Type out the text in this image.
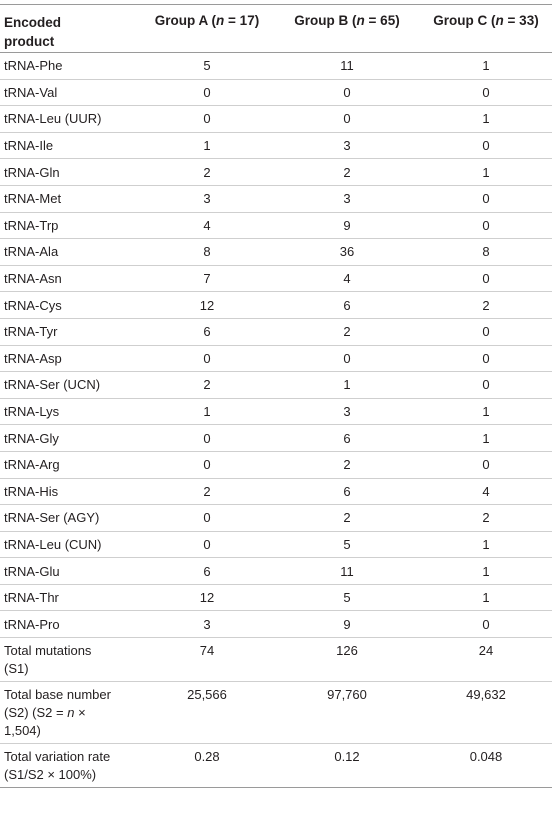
Encoded
product	Group A (n = 17)	Group B (n = 65)	Group C (n = 33)
tRNA-Phe	5	11	1
tRNA-Val	0	0	0
tRNA-Leu (UUR)	0	0	1
tRNA-Ile	1	3	0
tRNA-Gln	2	2	1
tRNA-Met	3	3	0
tRNA-Trp	4	9	0
tRNA-Ala	8	36	8
tRNA-Asn	7	4	0
tRNA-Cys	12	6	2
tRNA-Tyr	6	2	0
tRNA-Asp	0	0	0
tRNA-Ser (UCN)	2	1	0
tRNA-Lys	1	3	1
tRNA-Gly	0	6	1
tRNA-Arg	0	2	0
tRNA-His	2	6	4
tRNA-Ser (AGY)	0	2	2
tRNA-Leu (CUN)	0	5	1
tRNA-Glu	6	11	1
tRNA-Thr	12	5	1
tRNA-Pro	3	9	0
Total mutations
(S1)	74	126	24
Total base number
(S2) (S2 = n ×
1,504)	25,566	97,760	49,632
Total variation rate
(S1/S2 × 100%)	0.28	0.12	0.048
